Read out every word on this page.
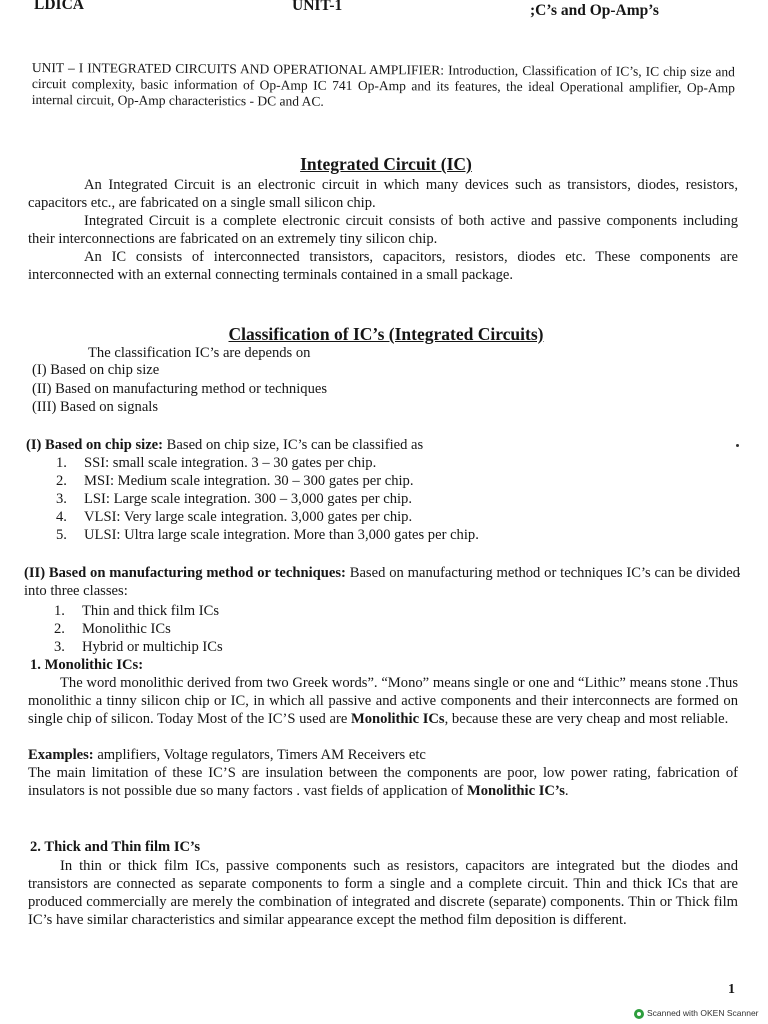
LDICA	UNIT-1	;C’s and Op-Amp’s
UNIT – I INTEGRATED CIRCUITS AND OPERATIONAL AMPLIFIER: Introduction, Classification of IC’s, IC chip size and circuit complexity, basic information of Op-Amp IC 741 Op-Amp and its features, the ideal Operational amplifier, Op-Amp internal circuit, Op-Amp characteristics - DC and AC.
Integrated Circuit (IC)
An Integrated Circuit is an electronic circuit in which many devices such as transistors, diodes, resistors, capacitors etc., are fabricated on a single small silicon chip.
Integrated Circuit is a complete electronic circuit consists of both active and passive components including their interconnections are fabricated on an extremely tiny silicon chip.
An IC consists of interconnected transistors, capacitors, resistors, diodes etc. These components are interconnected with an external connecting terminals contained in a small package.
Classification of IC’s (Integrated Circuits)
The classification IC’s are depends on
(I) Based on chip size
(II) Based on manufacturing method or techniques
(III) Based on signals
(I) Based on chip size: Based on chip size, IC’s can be classified as
1. SSI: small scale integration. 3 – 30 gates per chip.
2. MSI: Medium scale integration. 30 – 300 gates per chip.
3. LSI: Large scale integration. 300 – 3,000 gates per chip.
4. VLSI: Very large scale integration. 3,000 gates per chip.
5. ULSI: Ultra large scale integration. More than 3,000 gates per chip.
(II) Based on manufacturing method or techniques: Based on manufacturing method or techniques IC’s can be divided into three classes:
1. Thin and thick film ICs
2. Monolithic ICs
3. Hybrid or multichip ICs
1. Monolithic ICs:
The word monolithic derived from two Greek words”. “Mono” means single or one and “Lithic” means stone .Thus monolithic a tinny silicon chip or IC, in which all passive and active components and their interconnects are formed on single chip of silicon. Today Most of the IC’S used are Monolithic ICs, because these are very cheap and most reliable.
Examples: amplifiers, Voltage regulators, Timers AM Receivers etc
The main limitation of these IC’S are insulation between the components are poor, low power rating, fabrication of insulators is not possible due so many factors . vast fields of application of Monolithic IC’s.
2. Thick and Thin film IC’s
In thin or thick film ICs, passive components such as resistors, capacitors are integrated but the diodes and transistors are connected as separate components to form a single and a complete circuit. Thin and thick ICs that are produced commercially are merely the combination of integrated and discrete (separate) components. Thin or Thick film IC’s have similar characteristics and similar appearance except the method film deposition is different.
1
Scanned with OKEN Scanner
